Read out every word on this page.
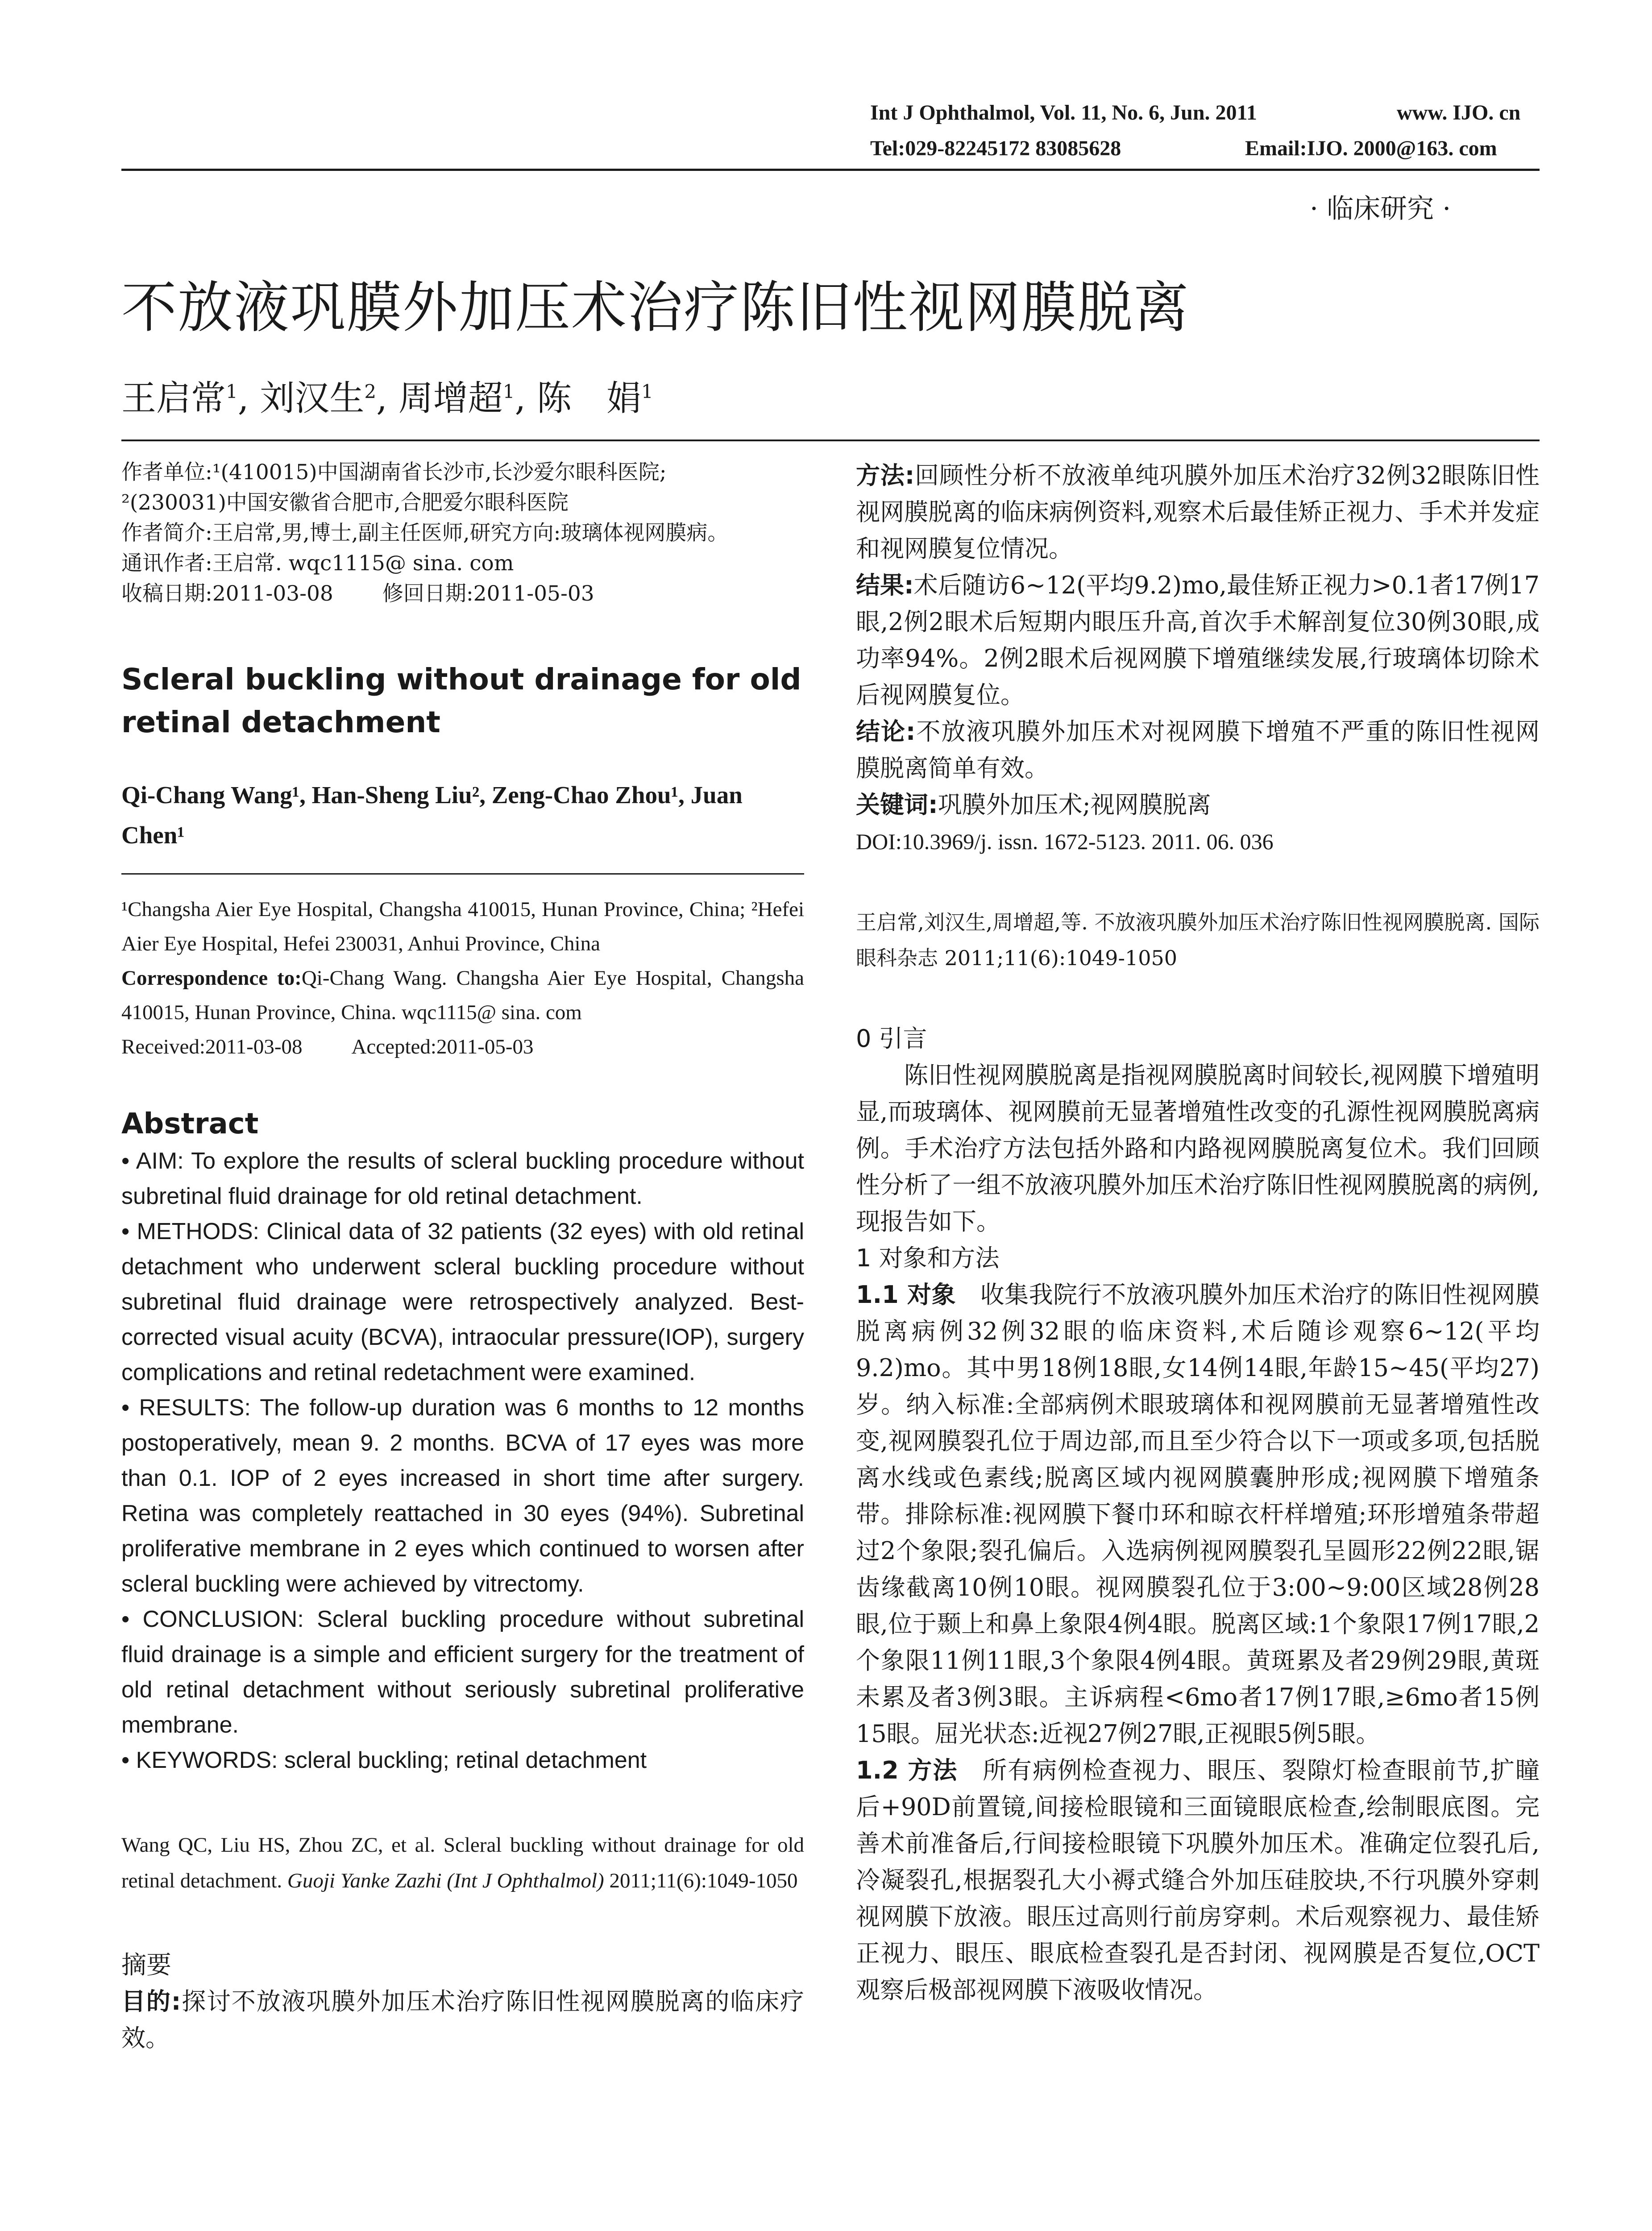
Int J Ophthalmol, Vol. 11, No. 6, Jun. 2011	www. IJO. cn
Tel:029-82245172 83085628	Email:IJO. 2000@163. com
· 临床研究 ·
不放液巩膜外加压术治疗陈旧性视网膜脱离
王启常$^1$, 刘汉生$^2$, 周增超$^1$, 陈　娟$^1$

作者单位:¹(410015)中国湖南省长沙市,长沙爱尔眼科医院;

²(230031)中国安徽省合肥市,合肥爱尔眼科医院

作者简介:王启常,男,博士,副主任医师,研究方向:玻璃体视网膜病。

通讯作者:王启常. wqc1115@ sina. com

收稿日期:2011-03-08 修回日期:2011-05-03

Scleral buckling without drainage for old retinal detachment
Qi-Chang Wang¹, Han-Sheng Liu², Zeng-Chao Zhou¹, Juan Chen¹
¹Changsha Aier Eye Hospital, Changsha 410015, Hunan Province, China; ²Hefei Aier Eye Hospital, Hefei 230031, Anhui Province, China
Correspondence to:Qi-Chang Wang. Changsha Aier Eye Hospital, Changsha 410015, Hunan Province, China. wqc1115@ sina. com
Received:2011-03-08 Accepted:2011-05-03
Abstract

• AIM: To explore the results of scleral buckling procedure without subretinal fluid drainage for old retinal detachment.

• METHODS: Clinical data of 32 patients (32 eyes) with old retinal detachment who underwent scleral buckling procedure without subretinal fluid drainage were retrospectively analyzed. Best-corrected visual acuity (BCVA), intraocular pressure(IOP), surgery complications and retinal redetachment were examined.

• RESULTS: The follow-up duration was 6 months to 12 months postoperatively, mean 9. 2 months. BCVA of 17 eyes was more than 0.1. IOP of 2 eyes increased in short time after surgery. Retina was completely reattached in 30 eyes (94%). Subretinal proliferative membrane in 2 eyes which continued to worsen after scleral buckling were achieved by vitrectomy.

• CONCLUSION: Scleral buckling procedure without subretinal fluid drainage is a simple and efficient surgery for the treatment of old retinal detachment without seriously subretinal proliferative membrane.

• KEYWORDS: scleral buckling; retinal detachment

Wang QC, Liu HS, Zhou ZC, et al. Scleral buckling without drainage for old retinal detachment. Guoji Yanke Zazhi (Int J Ophthalmol) 2011;11(6):1049-1050
摘要

目的:探讨不放液巩膜外加压术治疗陈旧性视网膜脱离的临床疗效。

方法:回顾性分析不放液单纯巩膜外加压术治疗32例32眼陈旧性视网膜脱离的临床病例资料,观察术后最佳矫正视力、手术并发症和视网膜复位情况。

结果:术后随访6~12(平均9.2)mo,最佳矫正视力>0.1者17例17眼,2例2眼术后短期内眼压升高,首次手术解剖复位30例30眼,成功率94%。2例2眼术后视网膜下增殖继续发展,行玻璃体切除术后视网膜复位。

结论:不放液巩膜外加压术对视网膜下增殖不严重的陈旧性视网膜脱离简单有效。

关键词:巩膜外加压术;视网膜脱离

DOI:10.3969/j. issn. 1672-5123. 2011. 06. 036

王启常,刘汉生,周增超,等. 不放液巩膜外加压术治疗陈旧性视网膜脱离. 国际眼科杂志 2011;11(6):1049-1050

0 引言

陈旧性视网膜脱离是指视网膜脱离时间较长,视网膜下增殖明显,而玻璃体、视网膜前无显著增殖性改变的孔源性视网膜脱离病例。手术治疗方法包括外路和内路视网膜脱离复位术。我们回顾性分析了一组不放液巩膜外加压术治疗陈旧性视网膜脱离的病例,现报告如下。

1 对象和方法

1.1 对象　 收集我院行不放液巩膜外加压术治疗的陈旧性视网膜脱离病例32例32眼的临床资料,术后随诊观察6~12(平均9.2)mo。其中男18例18眼,女14例14眼,年龄15~45(平均27)岁。纳入标准:全部病例术眼玻璃体和视网膜前无显著增殖性改变,视网膜裂孔位于周边部,而且至少符合以下一项或多项,包括脱离水线或色素线;脱离区域内视网膜囊肿形成;视网膜下增殖条带。排除标准:视网膜下餐巾环和晾衣杆样增殖;环形增殖条带超过2个象限;裂孔偏后。入选病例视网膜裂孔呈圆形22例22眼,锯齿缘截离10例10眼。视网膜裂孔位于3:00~9:00区域28例28眼,位于颞上和鼻上象限4例4眼。脱离区域:1个象限17例17眼,2个象限11例11眼,3个象限4例4眼。黄斑累及者29例29眼,黄斑未累及者3例3眼。主诉病程<6mo者17例17眼,≥6mo者15例15眼。屈光状态:近视27例27眼,正视眼5例5眼。

1.2 方法　 所有病例检查视力、眼压、裂隙灯检查眼前节,扩瞳后+90D前置镜,间接检眼镜和三面镜眼底检查,绘制眼底图。完善术前准备后,行间接检眼镜下巩膜外加压术。准确定位裂孔后,冷凝裂孔,根据裂孔大小褥式缝合外加压硅胶块,不行巩膜外穿刺视网膜下放液。眼压过高则行前房穿刺。术后观察视力、最佳矫正视力、眼压、眼底检查裂孔是否封闭、视网膜是否复位,OCT观察后极部视网膜下液吸收情况。
